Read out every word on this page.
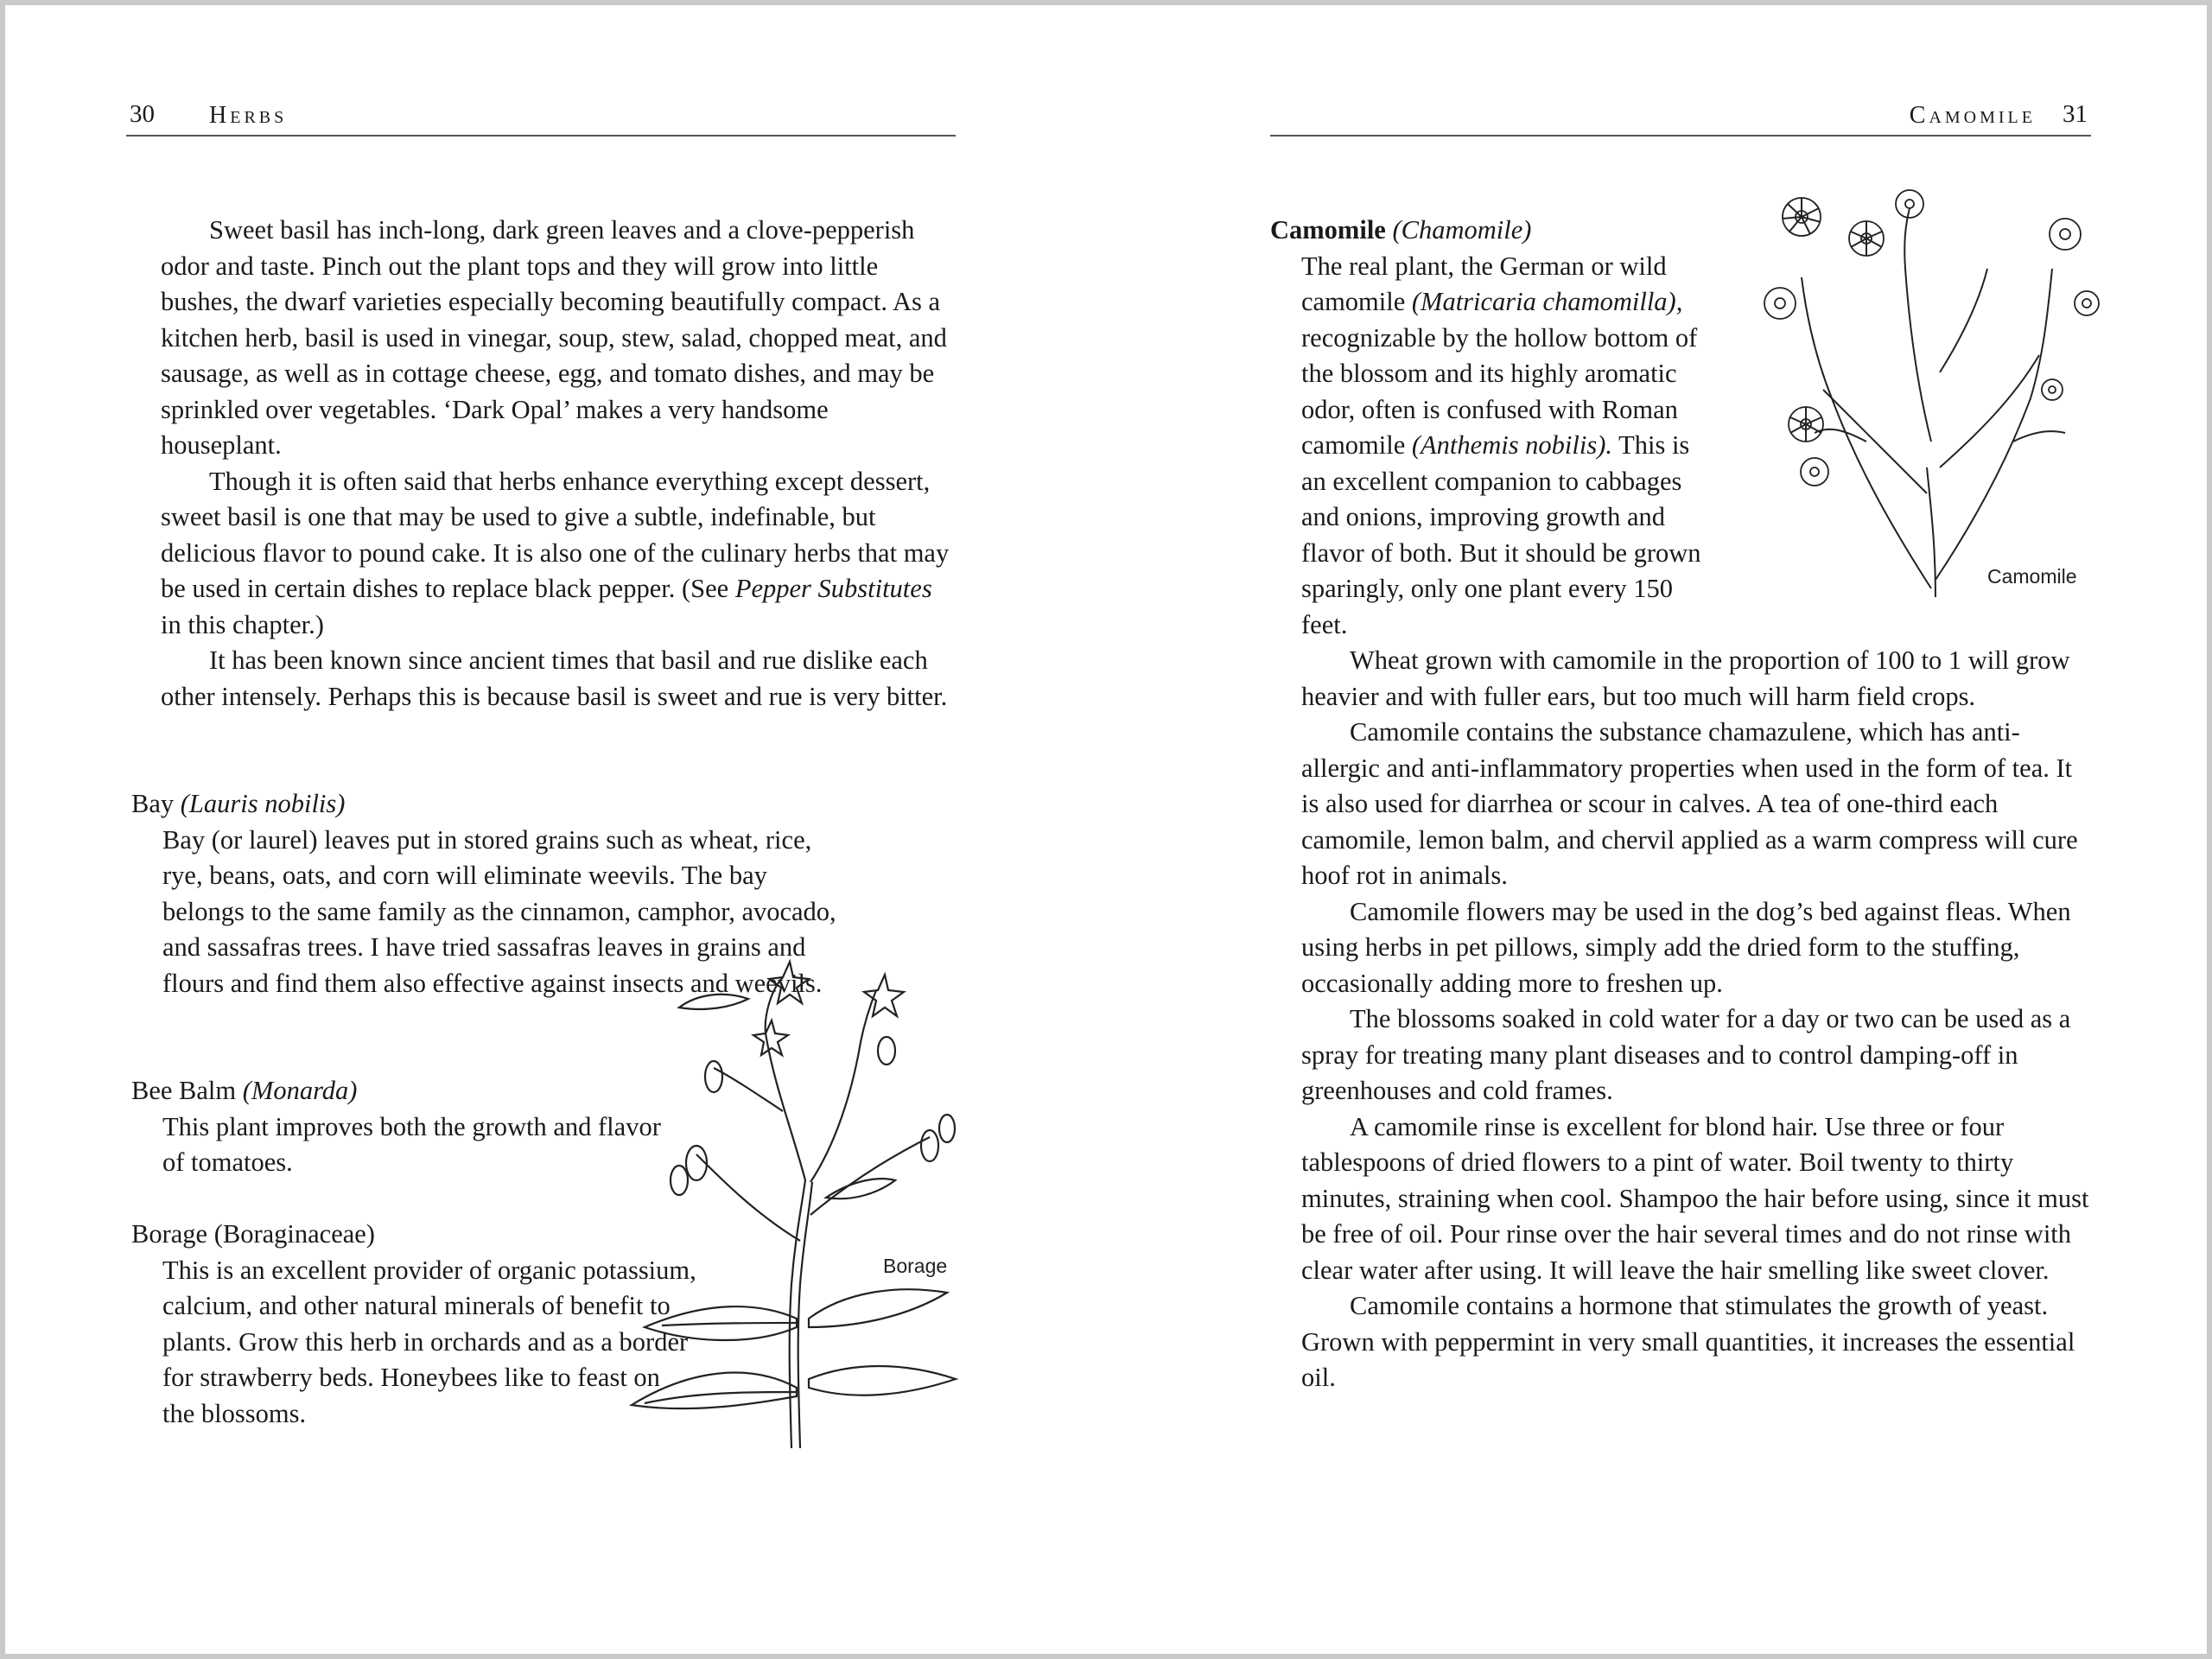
30 Herbs

Sweet basil has inch-long, dark green leaves and a clove-pepperish odor and taste. Pinch out the plant tops and they will grow into little bushes, the dwarf varieties especially becoming beautifully compact. As a kitchen herb, basil is used in vinegar, soup, stew, salad, chopped meat, and sausage, as well as in cottage cheese, egg, and tomato dishes, and may be sprinkled over vegetables. ‘Dark Opal’ makes a very handsome houseplant.

Though it is often said that herbs enhance everything except dessert, sweet basil is one that may be used to give a subtle, indefinable, but delicious flavor to pound cake. It is also one of the culinary herbs that may be used in certain dishes to replace black pepper. (See Pepper Substitutes in this chapter.)

It has been known since ancient times that basil and rue dislike each other intensely. Perhaps this is because basil is sweet and rue is very bitter.

Bay (Lauris nobilis)

Bay (or laurel) leaves put in stored grains such as wheat, rice, rye, beans, oats, and corn will eliminate weevils. The bay belongs to the same family as the cinnamon, camphor, avocado, and sassafras trees. I have tried sassafras leaves in grains and flours and find them also effective against insects and weevils.

Bee Balm (Monarda)

This plant improves both the growth and flavor of tomatoes.

Borage (Boraginaceae)

This is an excellent provider of organic potassium, calcium, and other natural minerals of benefit to plants. Grow this herb in orchards and as a border for strawberry beds. Honeybees like to feast on the blossoms.

Borage
Camomile 31

Camomile (Chamomile)

The real plant, the German or wild camomile (Matricaria chamomilla), recognizable by the hollow bottom of the blossom and its highly aromatic odor, often is confused with Roman camomile (Anthemis nobilis). This is an excellent companion to cabbages and onions, improving growth and flavor of both. But it should be grown sparingly, only one plant every 150 feet.

Wheat grown with camomile in the proportion of 100 to 1 will grow heavier and with fuller ears, but too much will harm field crops.

Camomile contains the substance chamazulene, which has anti-allergic and anti-inflammatory properties when used in the form of tea. It is also used for diarrhea or scour in calves. A tea of one-third each camomile, lemon balm, and chervil applied as a warm compress will cure hoof rot in animals.

Camomile flowers may be used in the dog’s bed against fleas. When using herbs in pet pillows, simply add the dried form to the stuffing, occasionally adding more to freshen up.

The blossoms soaked in cold water for a day or two can be used as a spray for treating many plant diseases and to control damping-off in greenhouses and cold frames.

A camomile rinse is excellent for blond hair. Use three or four tablespoons of dried flowers to a pint of water. Boil twenty to thirty minutes, straining when cool. Shampoo the hair before using, since it must be free of oil. Pour rinse over the hair several times and do not rinse with clear water after using. It will leave the hair smelling like sweet clover.

Camomile contains a hormone that stimulates the growth of yeast. Grown with peppermint in very small quantities, it increases the essential oil.

Camomile
